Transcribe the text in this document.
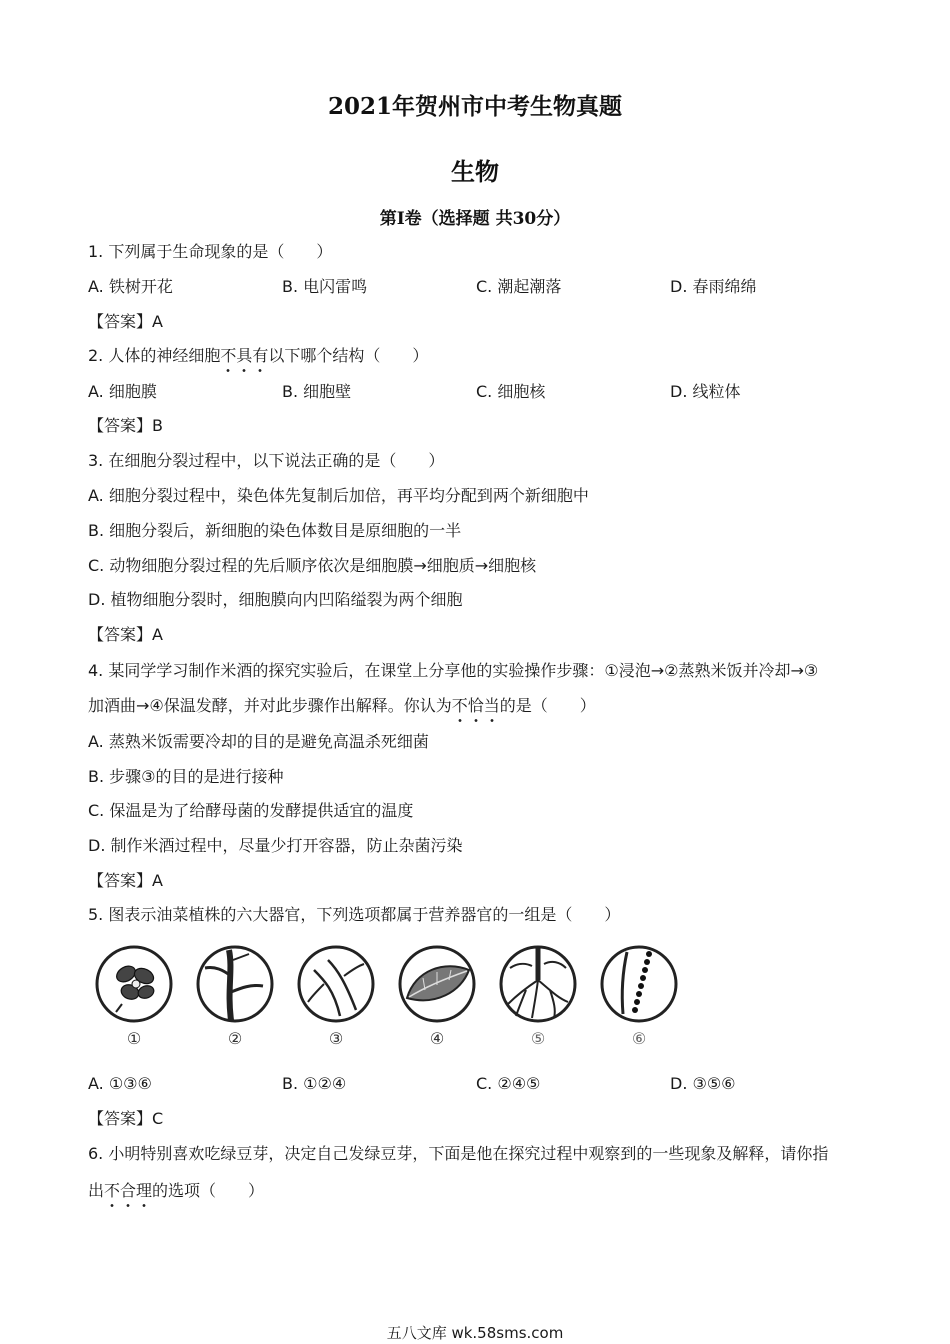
2021年贺州市中考生物真题
生物
第Ⅰ卷（选择题 共30分）
1. 下列属于生命现象的是（　　）
A. 铁树开花	B. 电闪雷鸣	C. 潮起潮落	D. 春雨绵绵
【答案】A
2. 人体的神经细胞不具有以下哪个结构（　　）
A. 细胞膜	B. 细胞壁	C. 细胞核	D. 线粒体
【答案】B
3. 在细胞分裂过程中，以下说法正确的是（　　）
A. 细胞分裂过程中，染色体先复制后加倍，再平均分配到两个新细胞中
B. 细胞分裂后，新细胞的染色体数目是原细胞的一半
C. 动物细胞分裂过程的先后顺序依次是细胞膜→细胞质→细胞核
D. 植物细胞分裂时，细胞膜向内凹陷缢裂为两个细胞
【答案】A
4. 某同学学习制作米酒的探究实验后，在课堂上分享他的实验操作步骤：①浸泡→②蒸熟米饭并冷却→③
加酒曲→④保温发酵，并对此步骤作出解释。你认为不恰当的是（　　）
A. 蒸熟米饭需要冷却的目的是避免高温杀死细菌
B. 步骤③的目的是进行接种
C. 保温是为了给酵母菌的发酵提供适宜的温度
D. 制作米酒过程中，尽量少打开容器，防止杂菌污染
【答案】A
5. 图表示油菜植株的六大器官，下列选项都属于营养器官的一组是（　　）
①	②	③	④	⑤	⑥
A. ①③⑥	B. ①②④	C. ②④⑤	D. ③⑤⑥
【答案】C
6. 小明特别喜欢吃绿豆芽，决定自己发绿豆芽，下面是他在探究过程中观察到的一些现象及解释，请你指
出不合理的选项（　　）
五八文库 wk.58sms.com
